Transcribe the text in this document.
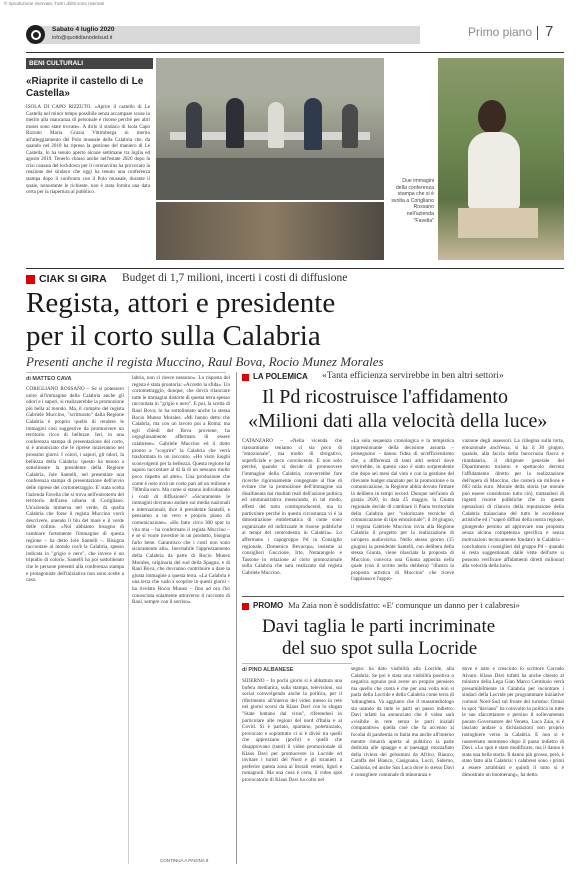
© riproduzione riservata. Tutti i diritti sono riservati
Sabato 4 luglio 2020
info@quotidianodelsud.it	Primo piano 7
BENI CULTURALI
«Riaprite il castello di Le Castella»
ISOLA DI CAPO RIZZUTO. «Aprire il castello di Le Castella nel minor tempo possibile senza accampare scuse in merito alla mancanza di personale e risorse perché per altri musei sono state trovate». A dirlo il sindaco di Isola Capo Rizzuto Maria Grazia Vittimberga in merito all'atteggiamento del Polo museale della Calabria che, da quando nel 2018 ha ripreso la gestione del maniero di Le Castella, lo ha tenuto aperto alcune settimane tra luglio ed agosto 2019. Tenerlo chiuso anche nell'estate 2020 dopo la crisi causata del lockdown per il coronavirus ha provocato la reazione del sindaco che oggi ha tenuto una conferenza stampa dopo il confronto con il Polo museale, durante il quale, nonostante le richieste, non è stata fornita una data certa per la riapertura al pubblico.
Due immagini della conferenza stampa che si è svolta a Corigliano Rossano nell'azienda "Favella"
CIAK SI GIRA Budget di 1,7 milioni, incerti i costi di diffusione
Regista, attori e presidente
per il corto sulla Calabria
Presenti anche il regista Muccino, Raul Bova, Rocio Munez Morales
di MATTEO CAVA
CORIGLIANO ROSSANO – Se si potessero unire all'immagine della Calabria anche gli odori e i sapori, si realizzerebbe la promozione più bella al mondo. Ma, il compito del regista Gabriele Muccino, "scritturato" dalla Regione Calabria è proprio quello di rendere le immagini così suggestive da promuovere un territorio ricco di bellezze. Ieri, in una conferenza stampa di presentazione del corto, si è annunciato che le riprese inizieranno nei prossimi giorni. I colori, i sapori, gli odori, la bellezza della Calabria: questo ha tenuto a sottolineare la presidente della Regione Calabria, Jole Santelli, nel presentare una conferenza stampa di presentazione dell'avvio delle riprese del cortometraggio. E' stata scelta l'azienda Favella che si trova nell'entroterra del territorio dell'area urbana di Corigliano. Un'azienda immersa nel verde, di quella Calabria che forse il regista Muccino vorrà descrivere, unendo il blu del mare e il verde delle colline. «Noi abbiamo bisogno di cambiare fortemente l'immagine di questa regione – ha detto Jole Santelli –. Bisogna raccontare al mondo cos'è la Calabria, spesso indicata in "grigio e nero", che invece è un tripudio di colori». Santelli ha poi sottolineato che le persone presenti alla conferenza stampa e protagoniste dell'iniziativa non sono scelte a caso.
labria, non ci riesce nessuno». La risposta del regista è stata prontoria: «Accetto la sfida». Un cortometraggio, dunque, che dovrà rilanciare tutte le immagini distorte di questa terra spesso raccontata in "grigio e nero". E poi, la scelta di Raul Bova; lo ha sottolineato anche la stessa Rocio Munez Morales. «Mi hanno detto che Calabria, ma con un lavoro poi a Roma; ma egli chiedi del Bova proviene, ha orgogliosamente affermato di essere calabrese». Gabriele Muccino ed il dotto pronto a "scoprire" la Calabria che verrà trasformata in un racconto. «Ho visto luoghi sconvolgenti per la bellezza. Questa regione ha saputo raccontare al di là di un nessuno molto poco rispetto ad altre». Una produzione che come è noto avrà un costo pari ad un milione e 700mila euro. Ma come si stanno individuando i costi di diffusione? «Sicuramente le immagini dovranno andare sui media nazionali e internazionali, dice il presidente Santelli, e pensiamo a un vero e proprio piano di comunicazione». «Ho fatto circa 300 spot in vita mia – ha confermato il regista Muccino – e se si vuole investire in un prodotto, bisogna farlo bene. Garantisco che i costi non sono sicuramente alti». Inevitabile l'apprezzamento della Calabria da parte di Rocio Munez Morales, originaria del sud della Spagna, e di Raul Bova, che dovranno contribuire a dare la giusta immagine a questa terra. «La Calabria è una terra che vado a scoprire in questi giorni – ha rivelato Rocio Munez – fino ad ora l'ho conosciuta solamente attraverso il racconto di Raul, sempre con il sorriso».
CONTINUA A PAGINA 8
LA POLEMICA «Tanta efficienza servirebbe in ben altri settori»
Il Pd ricostruisce l'affidamento
«Milioni dati alla velocità della luce»
CATANZARO – «Nella vicenda che riassumiamo teniamo ci sia poco di "emozionale", ma molto di sbrigativo, superficiale e poco convincente. E non solo perché, quando si decide di promuovere l'immagine della Calabria, converrebbe fare ricerche rigorosamente congegnate al fine di evitare che la promozione dell'immagine sia disallineata dai risultati reali dell'azione politica ed amministrativa innescando, in tal modo, effetti del tutto controproducenti, ma in particolare perché in questa circostanza vi è la dimostrazione emblematica di come sono organizzate ed indirizzate le risorse pubbliche ai tempi del centrodestra in Calabria». Lo affermano i capogruppo Pd in Consiglio regionale, Domenico Bevacqua, insieme ai consiglieri Guccione, Irto, Notarangelo e Tassone in relazione al corto promozionale sulla Calabria che sarà realizzato dal regista Gabriele Muccino.
«La sola sequenza cronologica e la tempistica impressionante della decisione assunta – proseguono – danno l'idea di un'efficientismo che, a differenza di tanti altri settori dove servirebbe, in questo caso è stato sorprendente che dopo sei mesi dal voto e con la gestione del rilevante budget stanziato per la promozione e la comunicazione, la Regione abbia dovuto firmare la delibera in tempi record. Dunque nell'anno di grazia 2020, in data 25 maggio, la Giunta regionale decide di cambiare il Piano territoriale della Calabria per "valorizzare tecniche di comunicazione di tipo emozionale"; il 18 giugno, il regista Gabriele Muccino invia alla Regione Calabria il progetto per la realizzazione di un'opera audiovisiva. Nello stesso giorno (15 giugno) la presidente Santelli, con delibera della stessa Giunta, viene rilasciata la proposta di Muccino, convoca una Giunta apposita nella quale (con il scritto nella delibera) "illustra la proposta artistica di Muccino" che riceve l'applauso e l'appro-
vazione degli assessori. La ciliegina sulla torta, emozionale anch'essa, si ha il 30 giugno, quando, alla faccia della burocrazia flacca e ritardataria, il dirigente generale del Dipartimento turismo e spettacolo decreta l'affidamento diretto per la realizzazione dell'opera di Muccino, che costerà un milione e 683 mila euro. Morale della storia (se morale può essere considerato tutto ciò), trattandosi di ingenti risorse pubbliche che in queste operazioni di rilancio della reputazione della Calabria tralasciano del tutto le eccellenze artistiche ed i "saperi diffusi della nostra regione, giungendo persino ad approvare una proposta senza alcuna competenza specifica e senza motivazioni tecnicamente fondate) in Calabria – concludono i consiglieri del gruppo Pd – quando si resta suggestionati dalle vette dell'arte si possono verificare affidamenti diretti milionari alla velocità della luce».
PROMO Ma Zaia non è soddisfatto: «E' comunque un danno per i calabresi»
Davi taglia le parti incriminate
del suo spot sulla Locride
di PINO ALBANESE
SIDERNO – In pochi giorni si è abbattuta una bufera mediatica, sulla stampa, televisioni, sui social coinvolgendo anche la politica, per il riferimento all'interno del video messo in rete nei giorni scorsi da Klaus Davi con lo slogan "State lontano dal virus", riferendosi in particolare alle regioni del nord d'Italia e al Covid. Si è parlato, spartano, polemizzato, provocato e soprattutto ci si è divisi tra quelli che apprezzano (pochi) e quelli che disapprovano (tanti) il video promozionale di Klaus Davi per promuovere la Locride ed invitare i turisti del Nord e gli stranieri a preferire questa zona ai litorali veneti, liguri e romagnoli. Ma una cosa è certa, il video spot provocatorio di Klaus Davi ha colto nel
segno: ha dato visibilità alla Locride, alla Calabria. Se poi è stata una visibilità positiva o negativa ognuno può avere un proprio pensiero ma quello che conta è che per una volta non si parla della Locride e della Calabria come terra di 'ndrangheta. Va aggiunto che il massmediologo sta usando da tutte le parti un passo indietro. Davi infatti ha annunciato che il video sarà «visibile in rete senza le parti iniziali comparative» quella cioè che fa accenno ai focolai di pandemia in Italia ma anche all'interno mentre rimarrà aperta al pubblico la parte dedicata alle spiagge e ai paesaggi mozzafiato della riviera dei gelsomini da Africo, Bianco, Caraffa del Bianco, Casignana, Locri, Siderno, Caulonia, ed anche San Luca dove lo stesso Davi è consigliere comunale di minoranza e
dove è nato e cresciuto lo scrittore Corrado Alvaro. Klaus Davi infatti ha anche chiesto al ministro della Lega Gian Marco Centinaio verrà presumibilmente in Calabria per incontrare i sindaci della Locride per programmare iniziative comuni Nord-Sud sul fronte del turismo. Ormai lo spot "daviano" ha coinvolto la politica in tutte le sue sfaccettature e persino il sollevamento pacato Governatore del Veneto, Luca Zaia, si è lasciato andare a dichiarazioni non proprio lusinghiere verso la Calabria. E non si è rasserenato nemmeno dopo il passo indietro di Davi. «Lo spot è stato modificato, ma il danno è stata una bella storta. Il danno più grosso, però, è stato fatto alla Calabria: i calabresi sono i primi a essere arrabbiati e quindi il tutto si è dimostrato un boomerang», ha detto.
